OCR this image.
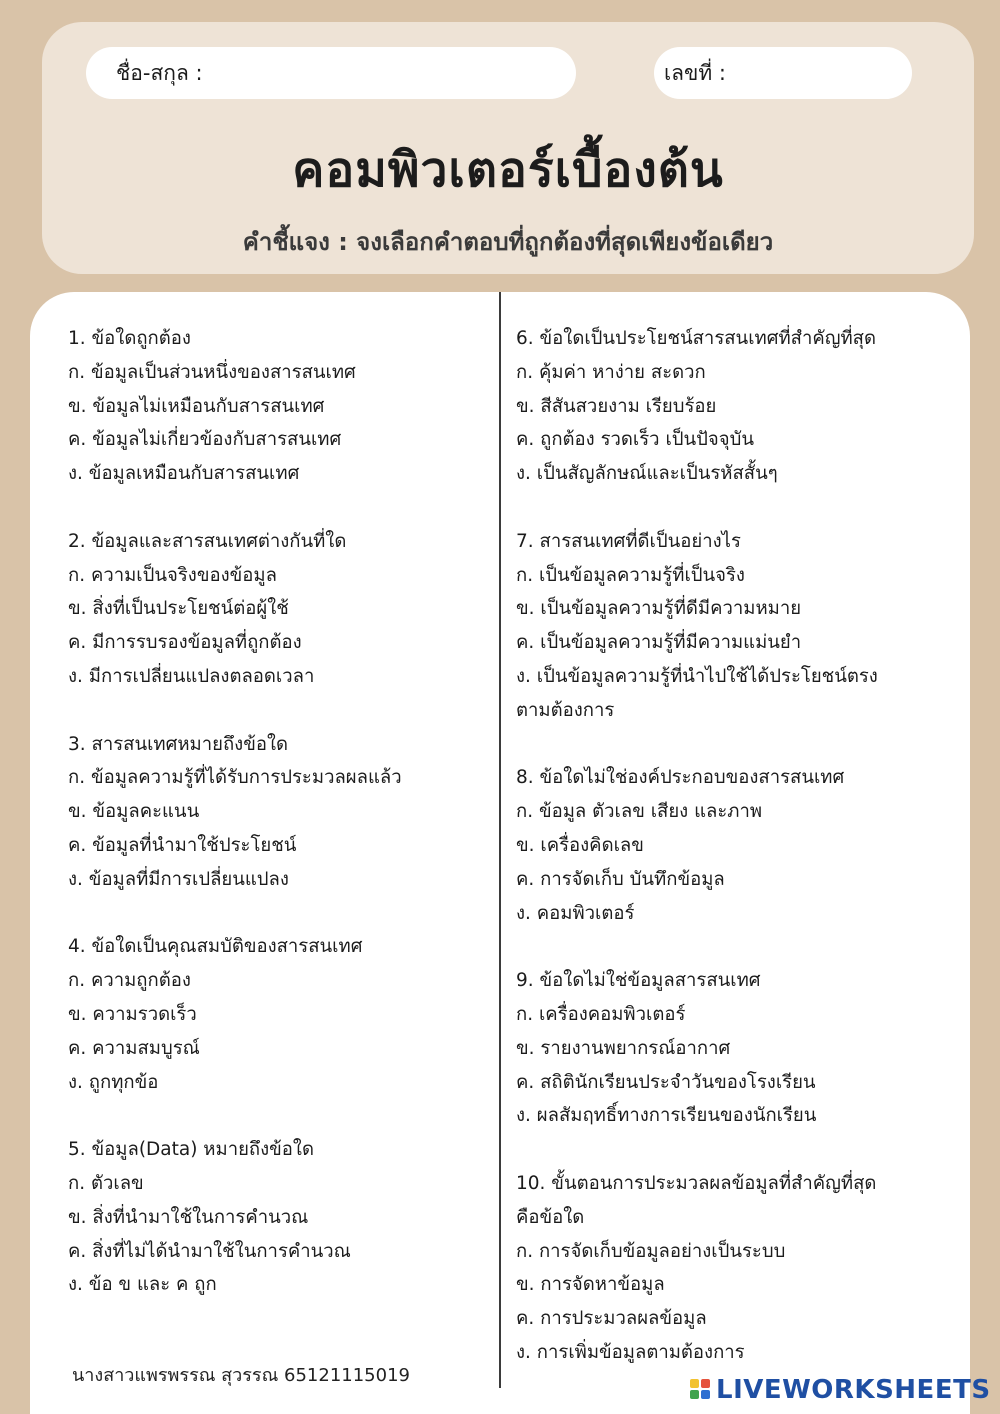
ชื่อ-สกุล :	เลขที่ :
คอมพิวเตอร์เบื้องต้น
คำชี้แจง : จงเลือกคำตอบที่ถูกต้องที่สุดเพียงข้อเดียว
1. ข้อใดถูกต้อง
ก. ข้อมูลเป็นส่วนหนึ่งของสารสนเทศ
ข. ข้อมูลไม่เหมือนกับสารสนเทศ
ค. ข้อมูลไม่เกี่ยวข้องกับสารสนเทศ
ง. ข้อมูลเหมือนกับสารสนเทศ
2. ข้อมูลและสารสนเทศต่างกันที่ใด
ก. ความเป็นจริงของข้อมูล
ข. สิ่งที่เป็นประโยชน์ต่อผู้ใช้
ค. มีการรบรองข้อมูลที่ถูกต้อง
ง. มีการเปลี่ยนแปลงตลอดเวลา
3. สารสนเทศหมายถึงข้อใด
ก. ข้อมูลความรู้ที่ได้รับการประมวลผลแล้ว
ข. ข้อมูลคะแนน
ค. ข้อมูลที่นำมาใช้ประโยชน์
ง. ข้อมูลที่มีการเปลี่ยนแปลง
4. ข้อใดเป็นคุณสมบัติของสารสนเทศ
ก. ความถูกต้อง
ข. ความรวดเร็ว
ค. ความสมบูรณ์
ง. ถูกทุกข้อ
5. ข้อมูล(Data) หมายถึงข้อใด
ก. ตัวเลข
ข. สิ่งที่นำมาใช้ในการคำนวณ
ค. สิ่งที่ไม่ได้นำมาใช้ในการคำนวณ
ง. ข้อ ข และ ค ถูก
6. ข้อใดเป็นประโยชน์สารสนเทศที่สำคัญที่สุด
ก. คุ้มค่า หาง่าย สะดวก
ข. สีสันสวยงาม เรียบร้อย
ค. ถูกต้อง รวดเร็ว เป็นปัจจุบัน
ง. เป็นสัญลักษณ์และเป็นรหัสสั้นๆ
7. สารสนเทศที่ดีเป็นอย่างไร
ก. เป็นข้อมูลความรู้ที่เป็นจริง
ข. เป็นข้อมูลความรู้ที่ดีมีความหมาย
ค. เป็นข้อมูลความรู้ที่มีความแม่นยำ
ง. เป็นข้อมูลความรู้ที่นำไปใช้ได้ประโยชน์ตรง
ตามต้องการ
8. ข้อใดไม่ใช่องค์ประกอบของสารสนเทศ
ก. ข้อมูล ตัวเลข เสียง และภาพ
ข. เครื่องคิดเลข
ค. การจัดเก็บ บันทึกข้อมูล
ง. คอมพิวเตอร์
9. ข้อใดไม่ใช่ข้อมูลสารสนเทศ
ก. เครื่องคอมพิวเตอร์
ข. รายงานพยากรณ์อากาศ
ค. สถิตินักเรียนประจำวันของโรงเรียน
ง. ผลสัมฤทธิ์ทางการเรียนของนักเรียน
10. ขั้นตอนการประมวลผลข้อมูลที่สำคัญที่สุด
คือข้อใด
ก. การจัดเก็บข้อมูลอย่างเป็นระบบ
ข. การจัดหาข้อมูล
ค. การประมวลผลข้อมูล
ง. การเพิ่มข้อมูลตามต้องการ
นางสาวแพรพรรณ สุวรรณ 65121115019	LIVEWORKSHEETS
